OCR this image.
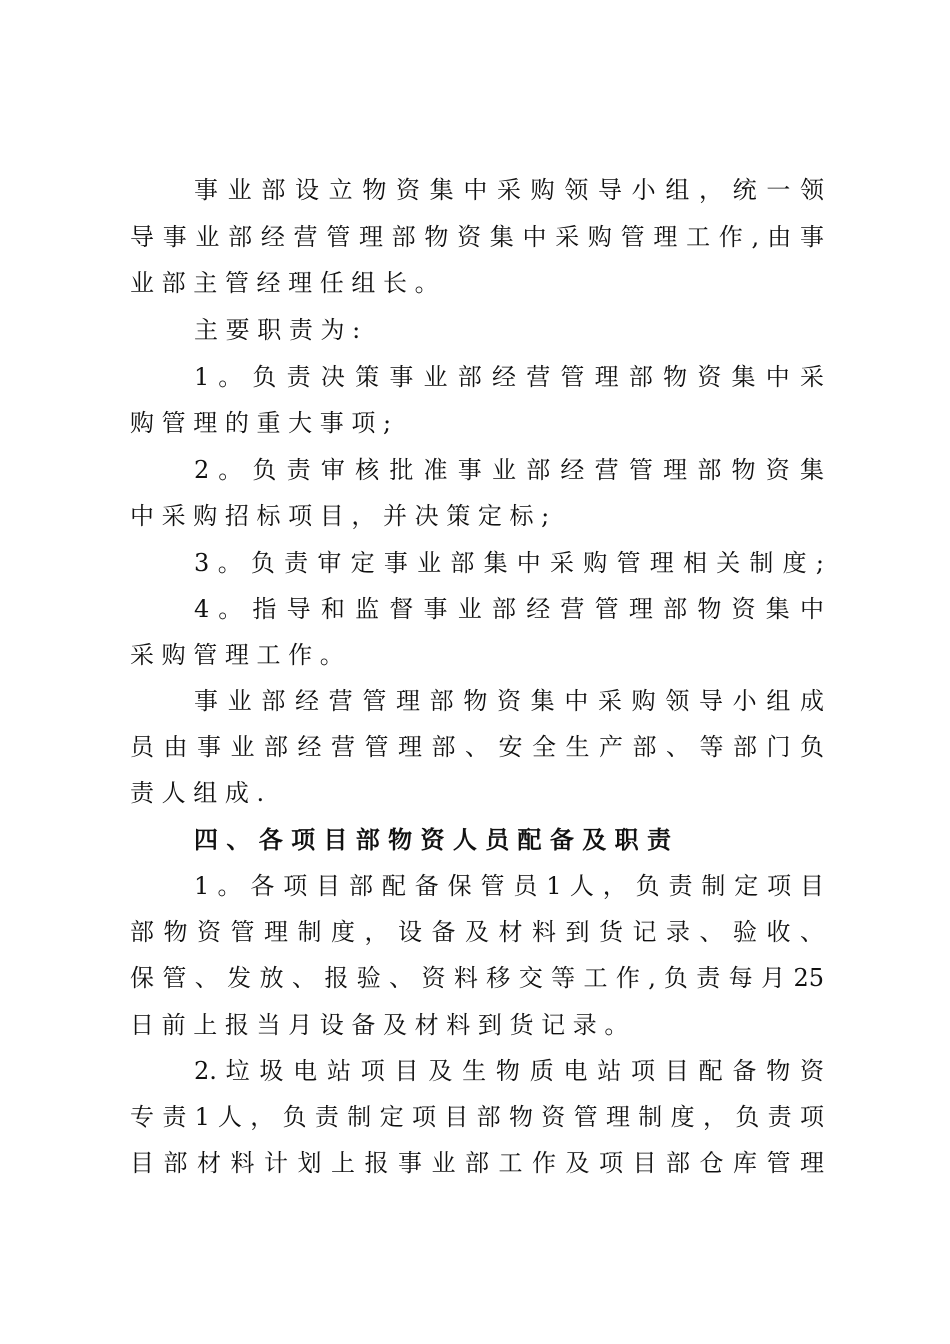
事 业 部 设 立 物 资 集 中 采 购 领 导 小 组 ， 统 一 领
导 事 业 部 经 营 管 理 部 物 资 集 中 采 购 管 理 工 作 , 由 事
业 部 主 管 经 理 任 组 长 。
主 要 职 责 为 :
1 。 负 责 决 策 事 业 部 经 营 管 理 部 物 资 集 中 采
购 管 理 的 重 大 事 项 ;
2 。 负 责 审 核 批 准 事 业 部 经 营 管 理 部 物 资 集
中 采 购 招 标 项 目 ， 并 决 策 定 标 ;
3 。 负 责 审 定 事 业 部 集 中 采 购 管 理 相 关 制 度 ;
4 。 指 导 和 监 督 事 业 部 经 营 管 理 部 物 资 集 中
采 购 管 理 工 作 。
事 业 部 经 营 管 理 部 物 资 集 中 采 购 领 导 小 组 成
员 由 事 业 部 经 营 管 理 部 、 安 全 生 产 部 、 等 部 门 负
责 人 组 成 .
四 、 各 项 目 部 物 资 人 员 配 备 及 职 责
1 。 各 项 目 部 配 备 保 管 员 1 人 ， 负 责 制 定 项 目
部 物 资 管 理 制 度 ， 设 备 及 材 料 到 货 记 录 、 验 收 、
保 管 、 发 放 、 报 验 、 资 料 移 交 等 工 作 , 负 责 每 月 25
日 前 上 报 当 月 设 备 及 材 料 到 货 记 录 。
2. 垃 圾 电 站 项 目 及 生 物 质 电 站 项 目 配 备 物 资
专 责 1 人 ， 负 责 制 定 项 目 部 物 资 管 理 制 度 ， 负 责 项
目 部 材 料 计 划 上 报 事 业 部 工 作 及 项 目 部 仓 库 管 理
